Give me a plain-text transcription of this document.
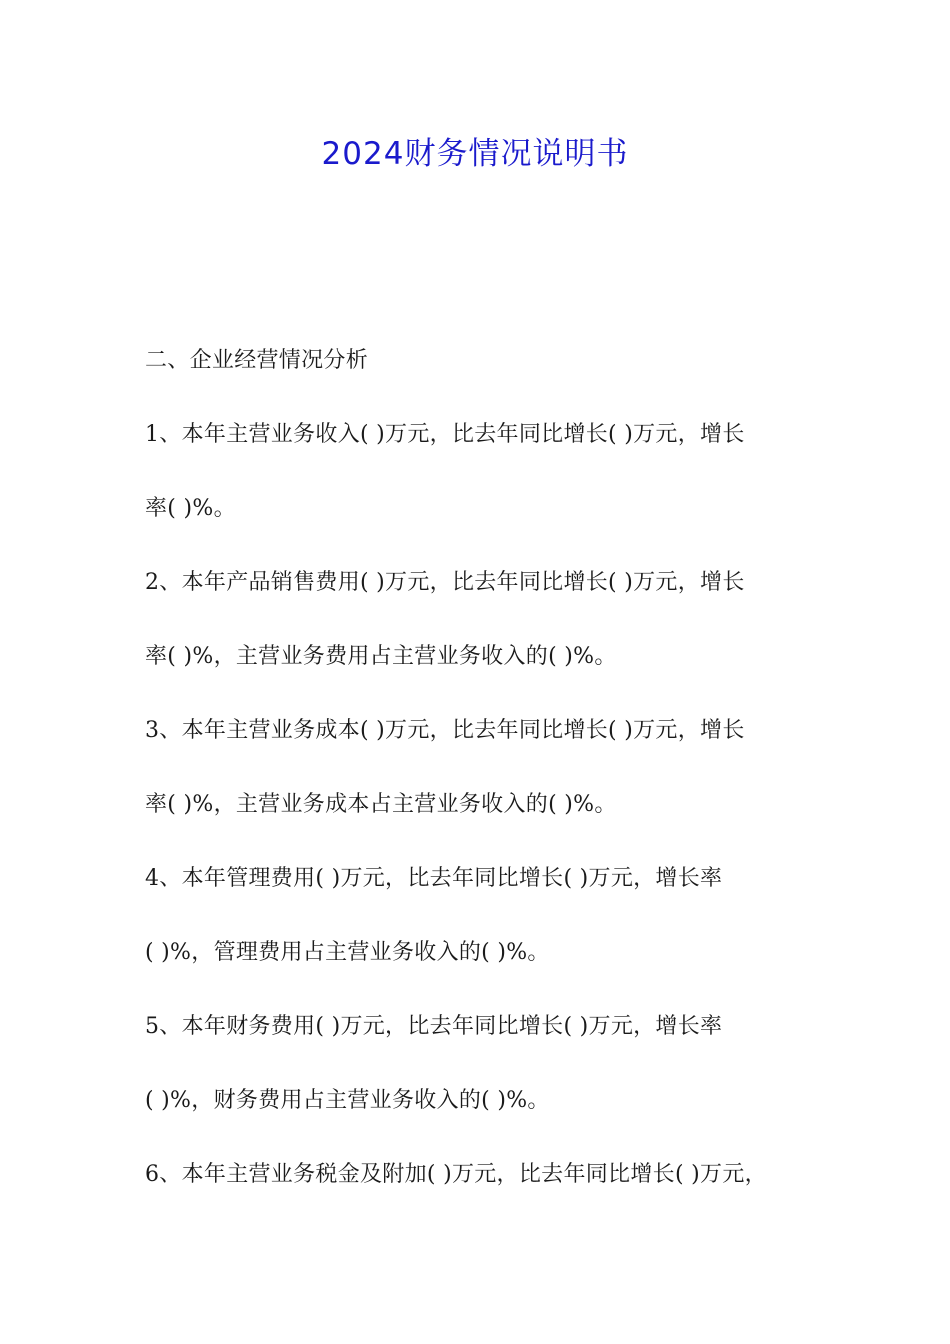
2024财务情况说明书
二、企业经营情况分析
1、本年主营业务收入( )万元，比去年同比增长( )万元，增长
率( )%。
2、本年产品销售费用( )万元，比去年同比增长( )万元，增长
率( )%，主营业务费用占主营业务收入的( )%。
3、本年主营业务成本( )万元，比去年同比增长( )万元，增长
率( )%，主营业务成本占主营业务收入的( )%。
4、本年管理费用( )万元，比去年同比增长( )万元，增长率
( )%，管理费用占主营业务收入的( )%。
5、本年财务费用( )万元，比去年同比增长( )万元，增长率
( )%，财务费用占主营业务收入的( )%。
6、本年主营业务税金及附加( )万元，比去年同比增长( )万元，
